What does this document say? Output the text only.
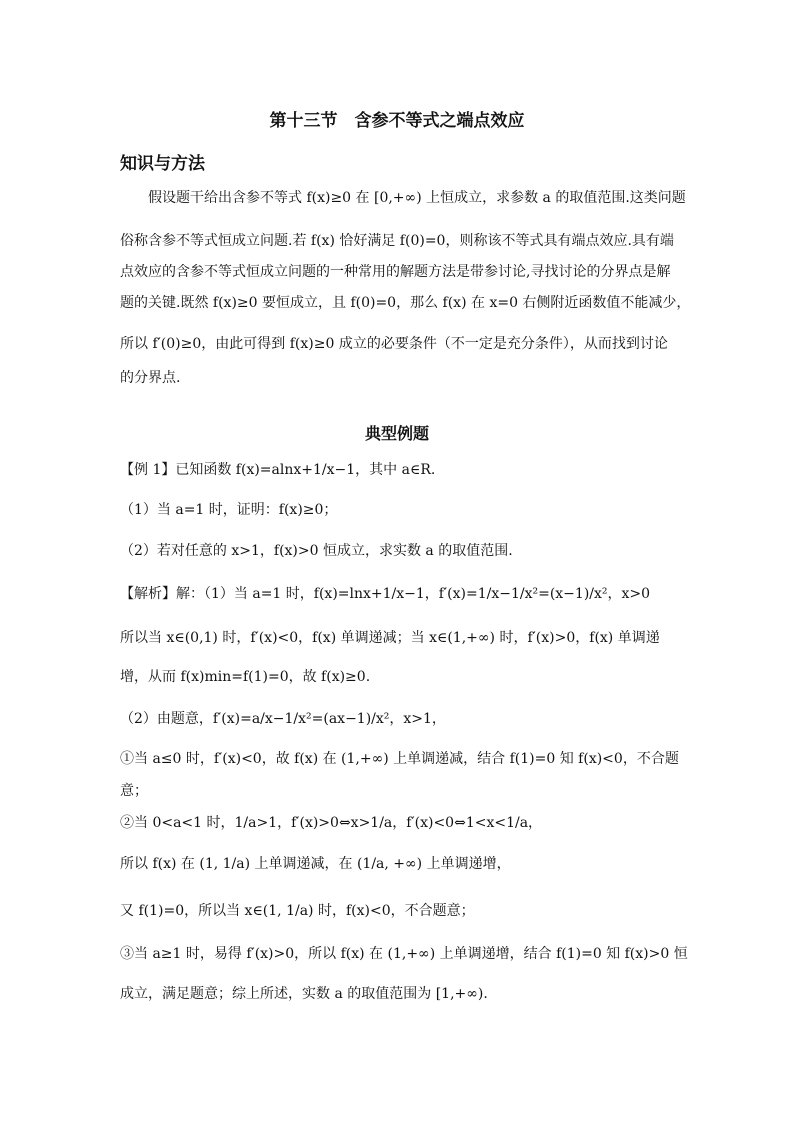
第十三节　含参不等式之端点效应
知识与方法
　　假设题干给出含参不等式 f(x)≥0 在 [0,+∞) 上恒成立，求参数 a 的取值范围.这类问题
俗称含参不等式恒成立问题.若 f(x) 恰好满足 f(0)=0，则称该不等式具有端点效应.具有端
点效应的含参不等式恒成立问题的一种常用的解题方法是带参讨论,寻找讨论的分界点是解
题的关键.既然 f(x)≥0 要恒成立，且 f(0)=0，那么 f(x) 在 x=0 右侧附近函数值不能减少，
所以 f′(0)≥0，由此可得到 f(x)≥0 成立的必要条件（不一定是充分条件），从而找到讨论
的分界点.
典型例题
【例 1】已知函数 f(x)=alnx+1/x−1，其中 a∈R.
（1）当 a=1 时，证明：f(x)≥0；
（2）若对任意的 x>1，f(x)>0 恒成立，求实数 a 的取值范围.
【解析】解：（1）当 a=1 时，f(x)=lnx+1/x−1，f′(x)=1/x−1/x²=(x−1)/x²，x>0
所以当 x∈(0,1) 时，f′(x)<0，f(x) 单调递减；当 x∈(1,+∞) 时，f′(x)>0，f(x) 单调递
增，从而 f(x)min=f(1)=0，故 f(x)≥0.
（2）由题意，f′(x)=a/x−1/x²=(ax−1)/x²，x>1，
①当 a≤0 时，f′(x)<0，故 f(x) 在 (1,+∞) 上单调递减，结合 f(1)=0 知 f(x)<0，不合题
意；
②当 0<a<1 时，1/a>1，f′(x)>0⇔x>1/a，f′(x)<0⇔1<x<1/a，
所以 f(x) 在 (1, 1/a) 上单调递减，在 (1/a, +∞) 上单调递增，
又 f(1)=0，所以当 x∈(1, 1/a) 时，f(x)<0，不合题意；
③当 a≥1 时，易得 f′(x)>0，所以 f(x) 在 (1,+∞) 上单调递增，结合 f(1)=0 知 f(x)>0 恒
成立，满足题意；综上所述，实数 a 的取值范围为 [1,+∞).
